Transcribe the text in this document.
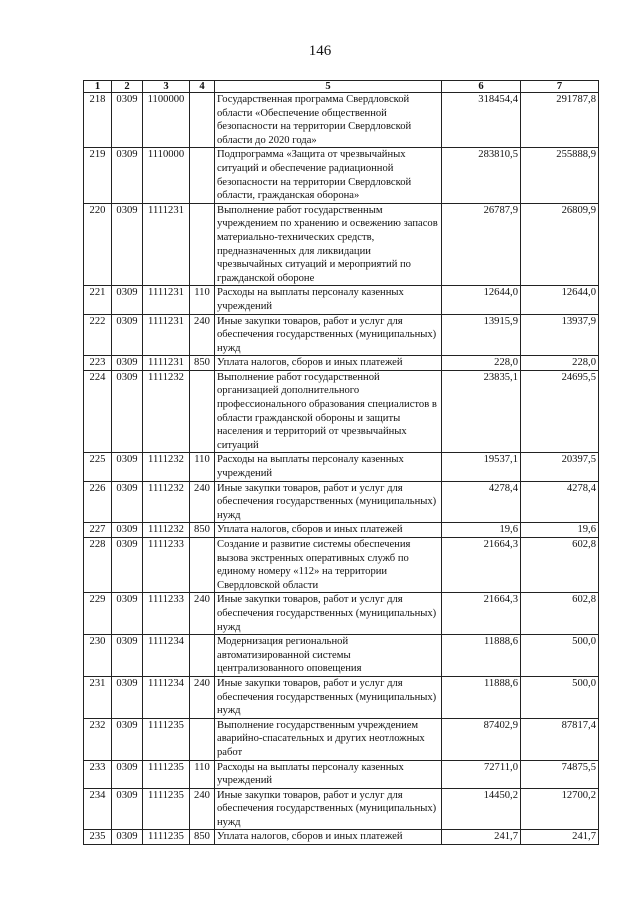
146
1	2	3	4	5	6	7
218	0309	1100000		Государственная программа Свердловской области «Обеспечение общественной безопасности на территории Свердловской области до 2020 года»	318454,4	291787,8
219	0309	1110000		Подпрограмма «Защита от чрезвычайных ситуаций и обеспечение радиационной безопасности на территории Свердловской области, гражданская оборона»	283810,5	255888,9
220	0309	1111231		Выполнение работ государственным учреждением по хранению и освежению запасов материально-технических средств, предназначенных для ликвидации чрезвычайных ситуаций и мероприятий по гражданской обороне	26787,9	26809,9
221	0309	1111231	110	Расходы на выплаты персоналу казенных учреждений	12644,0	12644,0
222	0309	1111231	240	Иные закупки товаров, работ и услуг для обеспечения государственных (муниципальных) нужд	13915,9	13937,9
223	0309	1111231	850	Уплата налогов, сборов и иных платежей	228,0	228,0
224	0309	1111232		Выполнение работ государственной организацией дополнительного профессионального образования специалистов в области гражданской обороны и защиты населения и территорий от чрезвычайных ситуаций	23835,1	24695,5
225	0309	1111232	110	Расходы на выплаты персоналу казенных учреждений	19537,1	20397,5
226	0309	1111232	240	Иные закупки товаров, работ и услуг для обеспечения государственных (муниципальных) нужд	4278,4	4278,4
227	0309	1111232	850	Уплата налогов, сборов и иных платежей	19,6	19,6
228	0309	1111233		Создание и развитие системы обеспечения вызова экстренных оперативных служб по единому номеру «112» на территории Свердловской области	21664,3	602,8
229	0309	1111233	240	Иные закупки товаров, работ и услуг для обеспечения государственных (муниципальных) нужд	21664,3	602,8
230	0309	1111234		Модернизация региональной автоматизированной системы централизованного оповещения	11888,6	500,0
231	0309	1111234	240	Иные закупки товаров, работ и услуг для обеспечения государственных (муниципальных) нужд	11888,6	500,0
232	0309	1111235		Выполнение государственным учреждением аварийно-спасательных и других неотложных работ	87402,9	87817,4
233	0309	1111235	110	Расходы на выплаты персоналу казенных учреждений	72711,0	74875,5
234	0309	1111235	240	Иные закупки товаров, работ и услуг для обеспечения государственных (муниципальных) нужд	14450,2	12700,2
235	0309	1111235	850	Уплата налогов, сборов и иных платежей	241,7	241,7
